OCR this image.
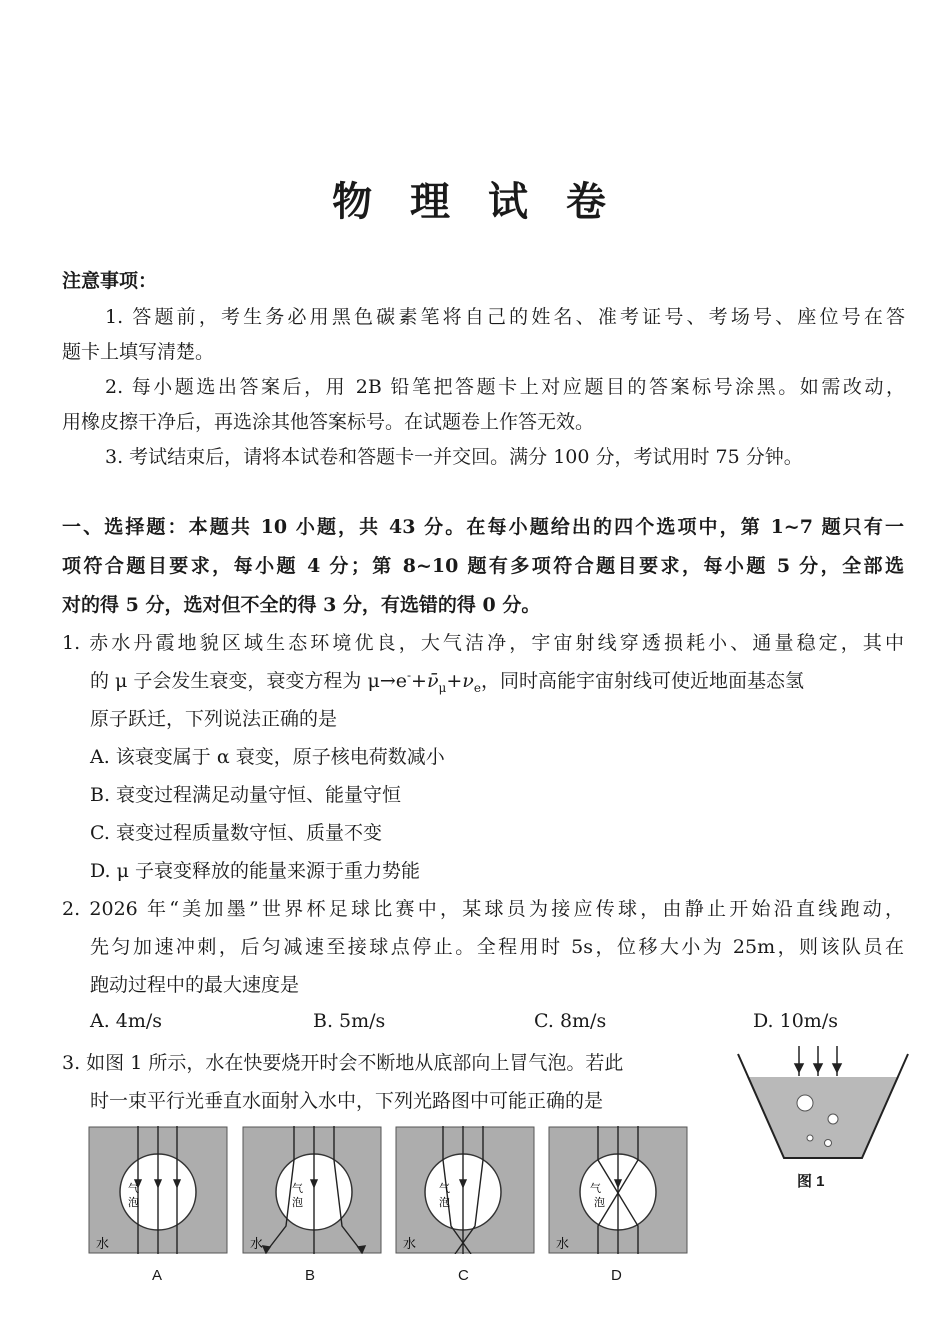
物 理 试 卷
注意事项：
1. 答题前，考生务必用黑色碳素笔将自己的姓名、准考证号、考场号、座位号在答
题卡上填写清楚。
2. 每小题选出答案后，用 2B 铅笔把答题卡上对应题目的答案标号涂黑。如需改动，
用橡皮擦干净后，再选涂其他答案标号。在试题卷上作答无效。
3. 考试结束后，请将本试卷和答题卡一并交回。满分 100 分，考试用时 75 分钟。
一、选择题：本题共 10 小题，共 43 分。在每小题给出的四个选项中，第 1~7 题只有一
项符合题目要求，每小题 4 分；第 8~10 题有多项符合题目要求，每小题 5 分，全部选
对的得 5 分，选对但不全的得 3 分，有选错的得 0 分。
1. 赤水丹霞地貌区域生态环境优良，大气洁净，宇宙射线穿透损耗小、通量稳定，其中
的 μ 子会发生衰变，衰变方程为 $\mu\to e^-+\nū_\mu+\nu_e$，同时高能宇宙射线可使近地面基态氢
原子跃迁，下列说法正确的是
A. 该衰变属于 α 衰变，原子核电荷数减小
B. 衰变过程满足动量守恒、能量守恒
C. 衰变过程质量数守恒、质量不变
D. μ 子衰变释放的能量来源于重力势能
2. 2026 年“美加墨”世界杯足球比赛中，某球员为接应传球，由静止开始沿直线跑动，
先匀加速冲刺，后匀减速至接球点停止。全程用时 5s，位移大小为 25m，则该队员在
跑动过程中的最大速度是
A. 4m/s	B. 5m/s	C. 8m/s	D. 10m/s
3. 如图 1 所示，水在快要烧开时会不断地从底部向上冒气泡。若此
时一束平行光垂直水面射入水中，下列光路图中可能正确的是
图 1
气
泡
水
A
气
泡
水
B
气
泡
水
C
气
泡
水
D
